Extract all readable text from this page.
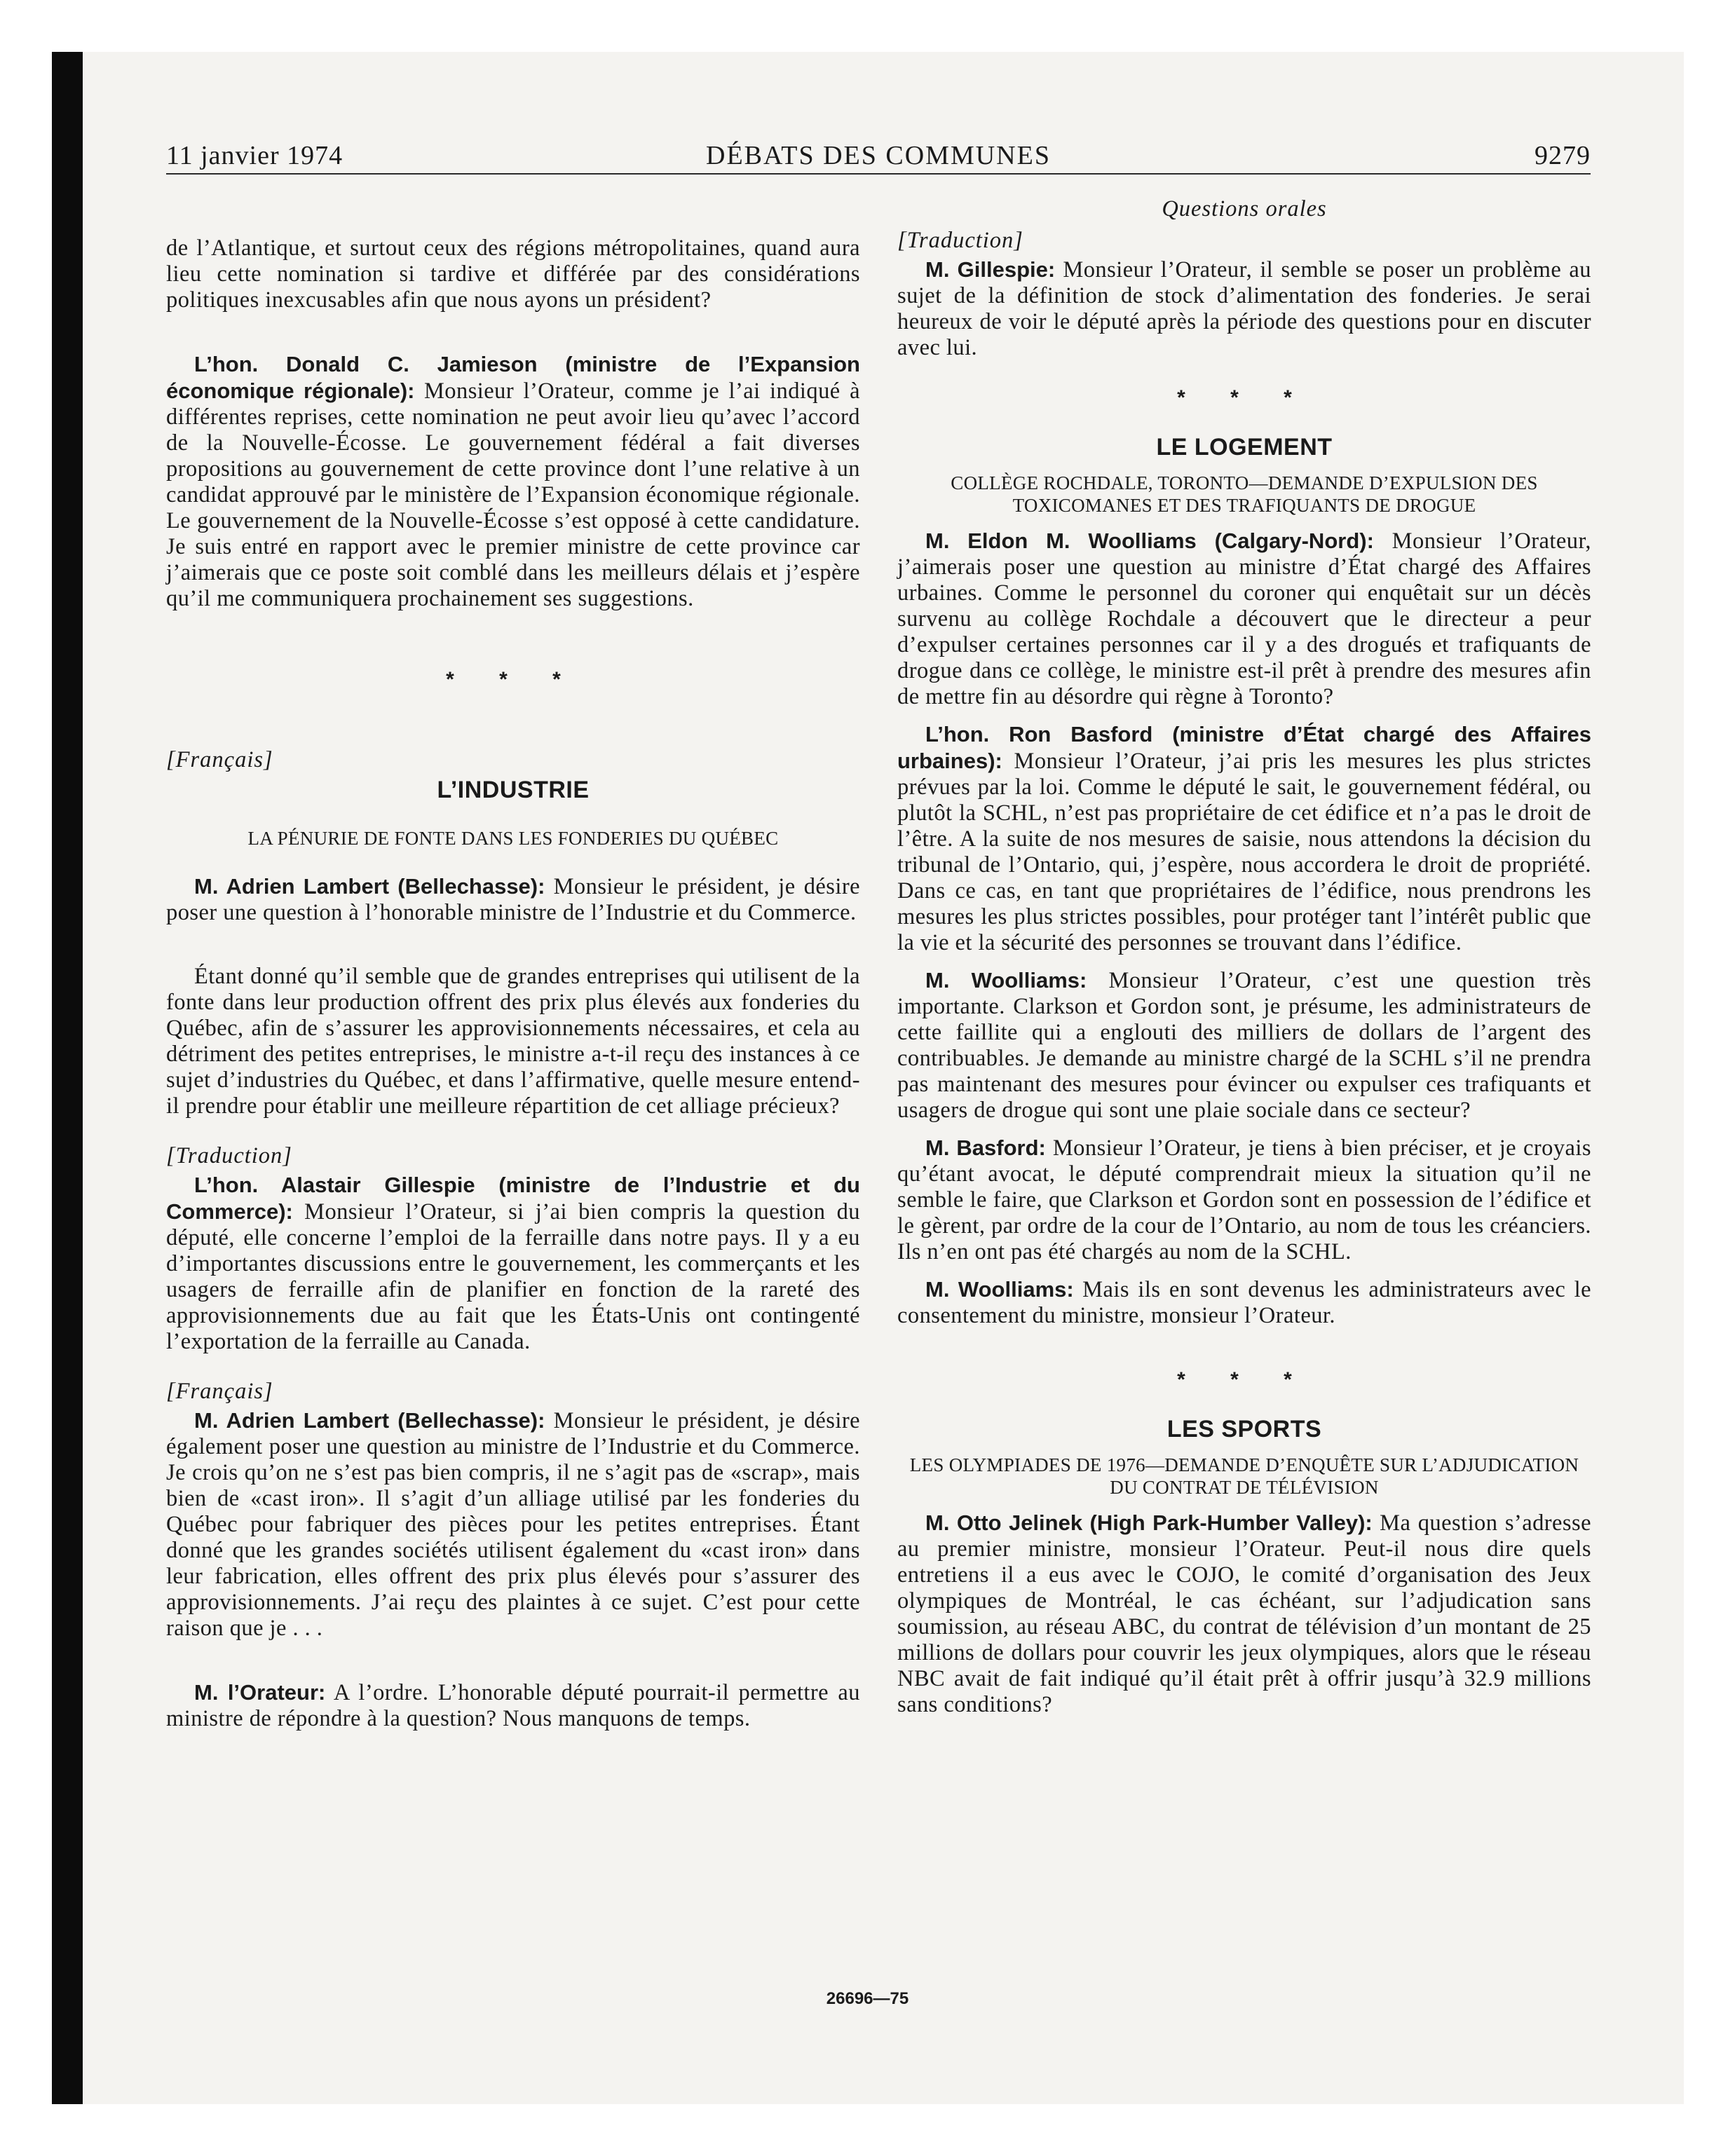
11 janvier 1974	DÉBATS DES COMMUNES	9279

de l’Atlantique, et surtout ceux des régions métropolitaines, quand aura lieu cette nomination si tardive et différée par des considérations politiques inexcusables afin que nous ayons un président?

L’hon. Donald C. Jamieson (ministre de l’Expansion économique régionale): Monsieur l’Orateur, comme je l’ai indiqué à différentes reprises, cette nomination ne peut avoir lieu qu’avec l’accord de la Nouvelle-Écosse. Le gouvernement fédéral a fait diverses propositions au gouvernement de cette province dont l’une relative à un candidat approuvé par le ministère de l’Expansion économique régionale. Le gouvernement de la Nouvelle-Écosse s’est opposé à cette candidature. Je suis entré en rapport avec le premier ministre de cette province car j’aimerais que ce poste soit comblé dans les meilleurs délais et j’espère qu’il me communiquera prochainement ses suggestions.

* * *

[Français]

L’INDUSTRIE

LA PÉNURIE DE FONTE DANS LES FONDERIES DU QUÉBEC

M. Adrien Lambert (Bellechasse): Monsieur le président, je désire poser une question à l’honorable ministre de l’Industrie et du Commerce.

Étant donné qu’il semble que de grandes entreprises qui utilisent de la fonte dans leur production offrent des prix plus élevés aux fonderies du Québec, afin de s’assurer les approvisionnements nécessaires, et cela au détriment des petites entreprises, le ministre a-t-il reçu des instances à ce sujet d’industries du Québec, et dans l’affirmative, quelle mesure entend-il prendre pour établir une meilleure répartition de cet alliage précieux?

[Traduction]

L’hon. Alastair Gillespie (ministre de l’Industrie et du Commerce): Monsieur l’Orateur, si j’ai bien compris la question du député, elle concerne l’emploi de la ferraille dans notre pays. Il y a eu d’importantes discussions entre le gouvernement, les commerçants et les usagers de ferraille afin de planifier en fonction de la rareté des approvisionnements due au fait que les États-Unis ont contingenté l’exportation de la ferraille au Canada.

[Français]

M. Adrien Lambert (Bellechasse): Monsieur le président, je désire également poser une question au ministre de l’Industrie et du Commerce. Je crois qu’on ne s’est pas bien compris, il ne s’agit pas de «scrap», mais bien de «cast iron». Il s’agit d’un alliage utilisé par les fonderies du Québec pour fabriquer des pièces pour les petites entreprises. Étant donné que les grandes sociétés utilisent également du «cast iron» dans leur fabrication, elles offrent des prix plus élevés pour s’assurer des approvisionnements. J’ai reçu des plaintes à ce sujet. C’est pour cette raison que je . . .

M. l’Orateur: A l’ordre. L’honorable député pourrait-il permettre au ministre de répondre à la question? Nous manquons de temps.

Questions orales

[Traduction]

M. Gillespie: Monsieur l’Orateur, il semble se poser un problème au sujet de la définition de stock d’alimentation des fonderies. Je serai heureux de voir le député après la période des questions pour en discuter avec lui.

* * *

LE LOGEMENT

COLLÈGE ROCHDALE, TORONTO—DEMANDE D’EXPULSION DES TOXICOMANES ET DES TRAFIQUANTS DE DROGUE

M. Eldon M. Woolliams (Calgary-Nord): Monsieur l’Orateur, j’aimerais poser une question au ministre d’État chargé des Affaires urbaines. Comme le personnel du coroner qui enquêtait sur un décès survenu au collège Rochdale a découvert que le directeur a peur d’expulser certaines personnes car il y a des drogués et trafiquants de drogue dans ce collège, le ministre est-il prêt à prendre des mesures afin de mettre fin au désordre qui règne à Toronto?

L’hon. Ron Basford (ministre d’État chargé des Affaires urbaines): Monsieur l’Orateur, j’ai pris les mesures les plus strictes prévues par la loi. Comme le député le sait, le gouvernement fédéral, ou plutôt la SCHL, n’est pas propriétaire de cet édifice et n’a pas le droit de l’être. A la suite de nos mesures de saisie, nous attendons la décision du tribunal de l’Ontario, qui, j’espère, nous accordera le droit de propriété. Dans ce cas, en tant que propriétaires de l’édifice, nous prendrons les mesures les plus strictes possibles, pour protéger tant l’intérêt public que la vie et la sécurité des personnes se trouvant dans l’édifice.

M. Woolliams: Monsieur l’Orateur, c’est une question très importante. Clarkson et Gordon sont, je présume, les administrateurs de cette faillite qui a englouti des milliers de dollars de l’argent des contribuables. Je demande au ministre chargé de la SCHL s’il ne prendra pas maintenant des mesures pour évincer ou expulser ces trafiquants et usagers de drogue qui sont une plaie sociale dans ce secteur?

M. Basford: Monsieur l’Orateur, je tiens à bien préciser, et je croyais qu’étant avocat, le député comprendrait mieux la situation qu’il ne semble le faire, que Clarkson et Gordon sont en possession de l’édifice et le gèrent, par ordre de la cour de l’Ontario, au nom de tous les créanciers. Ils n’en ont pas été chargés au nom de la SCHL.

M. Woolliams: Mais ils en sont devenus les administrateurs avec le consentement du ministre, monsieur l’Orateur.

* * *

LES SPORTS

LES OLYMPIADES DE 1976—DEMANDE D’ENQUÊTE SUR L’ADJUDICATION DU CONTRAT DE TÉLÉVISION

M. Otto Jelinek (High Park-Humber Valley): Ma question s’adresse au premier ministre, monsieur l’Orateur. Peut-il nous dire quels entretiens il a eus avec le COJO, le comité d’organisation des Jeux olympiques de Montréal, le cas échéant, sur l’adjudication sans soumission, au réseau ABC, du contrat de télévision d’un montant de 25 millions de dollars pour couvrir les jeux olympiques, alors que le réseau NBC avait de fait indiqué qu’il était prêt à offrir jusqu’à 32.9 millions sans conditions?

26696—75
